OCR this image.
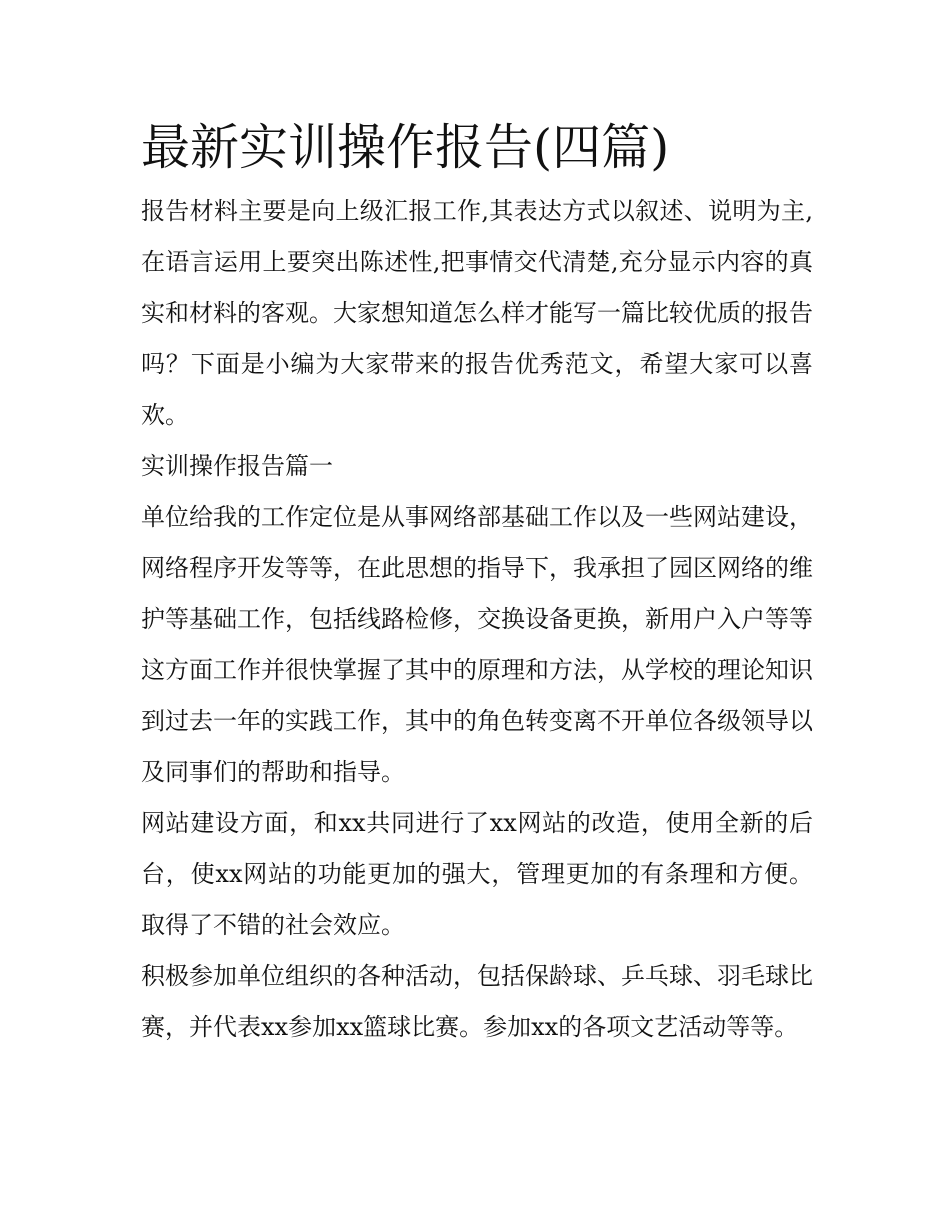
最新实训操作报告(四篇)

报告材料主要是向上级汇报工作,其表达方式以叙述、说明为主,在语言运用上要突出陈述性,把事情交代清楚,充分显示内容的真实和材料的客观。大家想知道怎么样才能写一篇比较优质的报告吗？下面是小编为大家带来的报告优秀范文，希望大家可以喜欢。

实训操作报告篇一

单位给我的工作定位是从事网络部基础工作以及一些网站建设，网络程序开发等等，在此思想的指导下，我承担了园区网络的维护等基础工作，包括线路检修，交换设备更换，新用户入户等等这方面工作并很快掌握了其中的原理和方法，从学校的理论知识到过去一年的实践工作，其中的角色转变离不开单位各级领导以及同事们的帮助和指导。

网站建设方面，和xx共同进行了xx网站的改造，使用全新的后台，使xx网站的功能更加的强大，管理更加的有条理和方便。取得了不错的社会效应。

积极参加单位组织的各种活动，包括保龄球、乒乓球、羽毛球比赛，并代表xx参加xx篮球比赛。参加xx的各项文艺活动等等。
